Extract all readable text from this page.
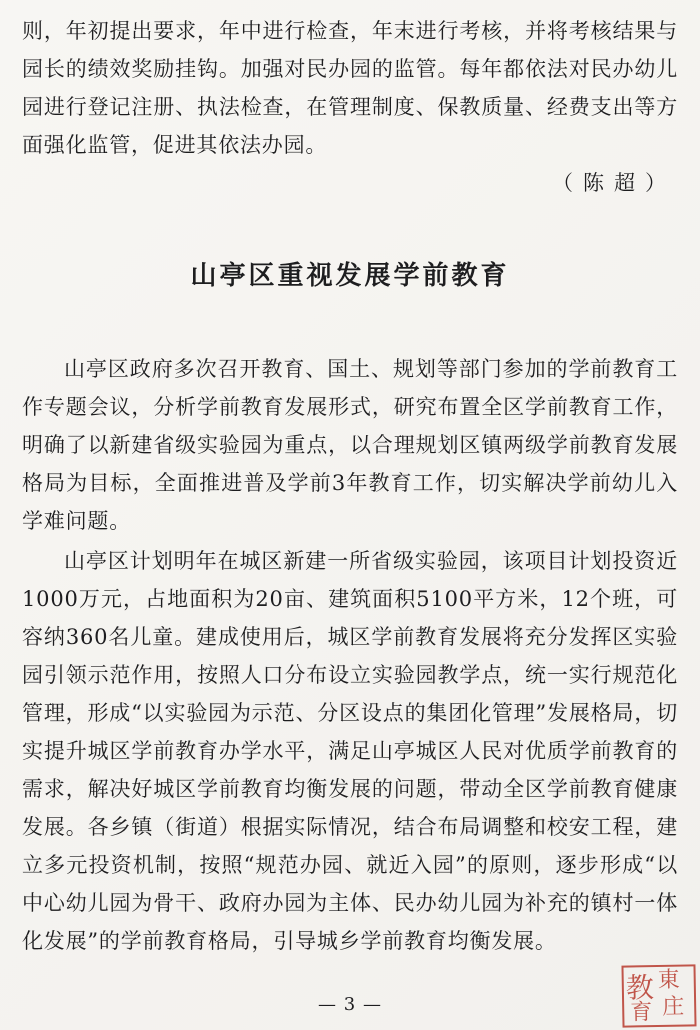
则，年初提出要求，年中进行检查，年末进行考核，并将考核结果与园长的绩效奖励挂钩。加强对民办园的监管。每年都依法对民办幼儿园进行登记注册、执法检查，在管理制度、保教质量、经费支出等方面强化监管，促进其依法办园。

（陈超）

山亭区重视发展学前教育

山亭区政府多次召开教育、国土、规划等部门参加的学前教育工作专题会议，分析学前教育发展形式，研究布置全区学前教育工作，明确了以新建省级实验园为重点，以合理规划区镇两级学前教育发展格局为目标，全面推进普及学前3年教育工作，切实解决学前幼儿入学难问题。

山亭区计划明年在城区新建一所省级实验园，该项目计划投资近1000万元，占地面积为20亩、建筑面积5100平方米，12个班，可容纳360名儿童。建成使用后，城区学前教育发展将充分发挥区实验园引领示范作用，按照人口分布设立实验园教学点，统一实行规范化管理，形成“以实验园为示范、分区设点的集团化管理”发展格局，切实提升城区学前教育办学水平，满足山亭城区人民对优质学前教育的需求，解决好城区学前教育均衡发展的问题，带动全区学前教育健康发展。各乡镇（街道）根据实际情况，结合布局调整和校安工程，建立多元投资机制，按照“规范办园、就近入园”的原则，逐步形成“以中心幼儿园为骨干、政府办园为主体、民办幼儿园为补充的镇村一体化发展”的学前教育格局，引导城乡学前教育均衡发展。

— 3 —
東
教
庄
育
